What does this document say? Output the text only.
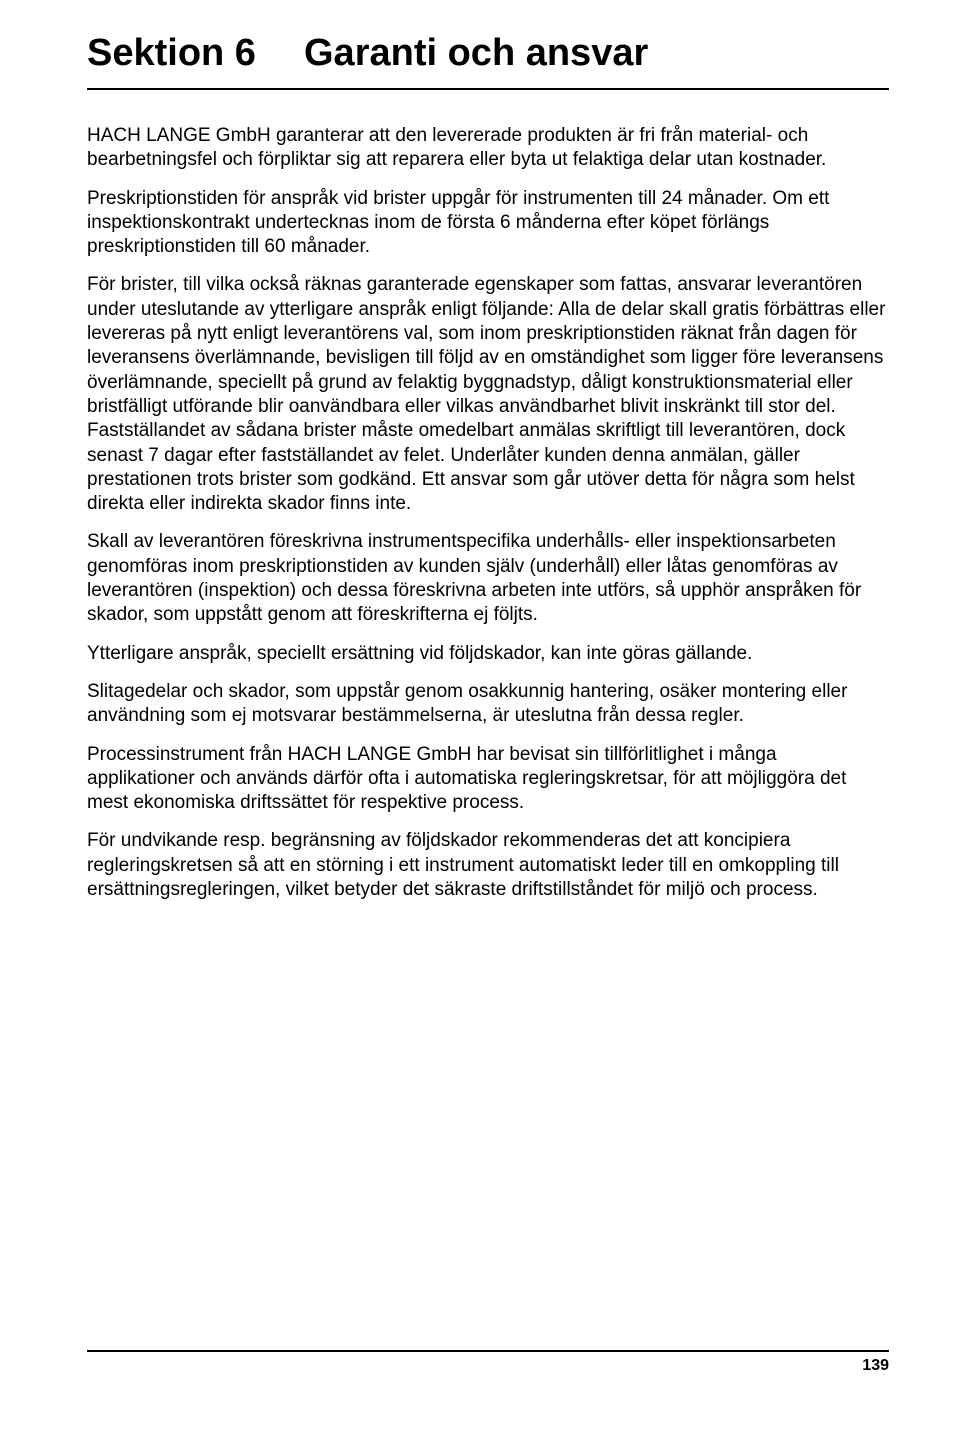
Sektion 6 Garanti och ansvar

HACH LANGE GmbH garanterar att den levererade produkten är fri från material- och bearbetningsfel och förpliktar sig att reparera eller byta ut felaktiga delar utan kostnader.

Preskriptionstiden för anspråk vid brister uppgår för instrumenten till 24 månader. Om ett inspektionskontrakt undertecknas inom de första 6 månderna efter köpet förlängs preskriptionstiden till 60 månader.

För brister, till vilka också räknas garanterade egenskaper som fattas, ansvarar leverantören under uteslutande av ytterligare anspråk enligt följande: Alla de delar skall gratis förbättras eller levereras på nytt enligt leverantörens val, som inom preskriptionstiden räknat från dagen för leveransens överlämnande, bevisligen till följd av en omständighet som ligger före leveransens överlämnande, speciellt på grund av felaktig byggnadstyp, dåligt konstruktionsmaterial eller bristfälligt utförande blir oanvändbara eller vilkas användbarhet blivit inskränkt till stor del. Fastställandet av sådana brister måste omedelbart anmälas skriftligt till leverantören, dock senast 7 dagar efter fastställandet av felet. Underlåter kunden denna anmälan, gäller prestationen trots brister som godkänd. Ett ansvar som går utöver detta för några som helst direkta eller indirekta skador finns inte.

Skall av leverantören föreskrivna instrumentspecifika underhålls- eller inspektionsarbeten genomföras inom preskriptionstiden av kunden själv (underhåll) eller låtas genomföras av leverantören (inspektion) och dessa föreskrivna arbeten inte utförs, så upphör anspråken för skador, som uppstått genom att föreskrifterna ej följts.

Ytterligare anspråk, speciellt ersättning vid följdskador, kan inte göras gällande.

Slitagedelar och skador, som uppstår genom osakkunnig hantering, osäker montering eller användning som ej motsvarar bestämmelserna, är uteslutna från dessa regler.

Processinstrument från HACH LANGE GmbH har bevisat sin tillförlitlighet i många applikationer och används därför ofta i automatiska regleringskretsar, för att möjliggöra det mest ekonomiska driftssättet för respektive process.

För undvikande resp. begränsning av följdskador rekommenderas det att koncipiera regleringskretsen så att en störning i ett instrument automatiskt leder till en omkoppling till ersättningsregleringen, vilket betyder det säkraste driftstillståndet för miljö och process.

139
